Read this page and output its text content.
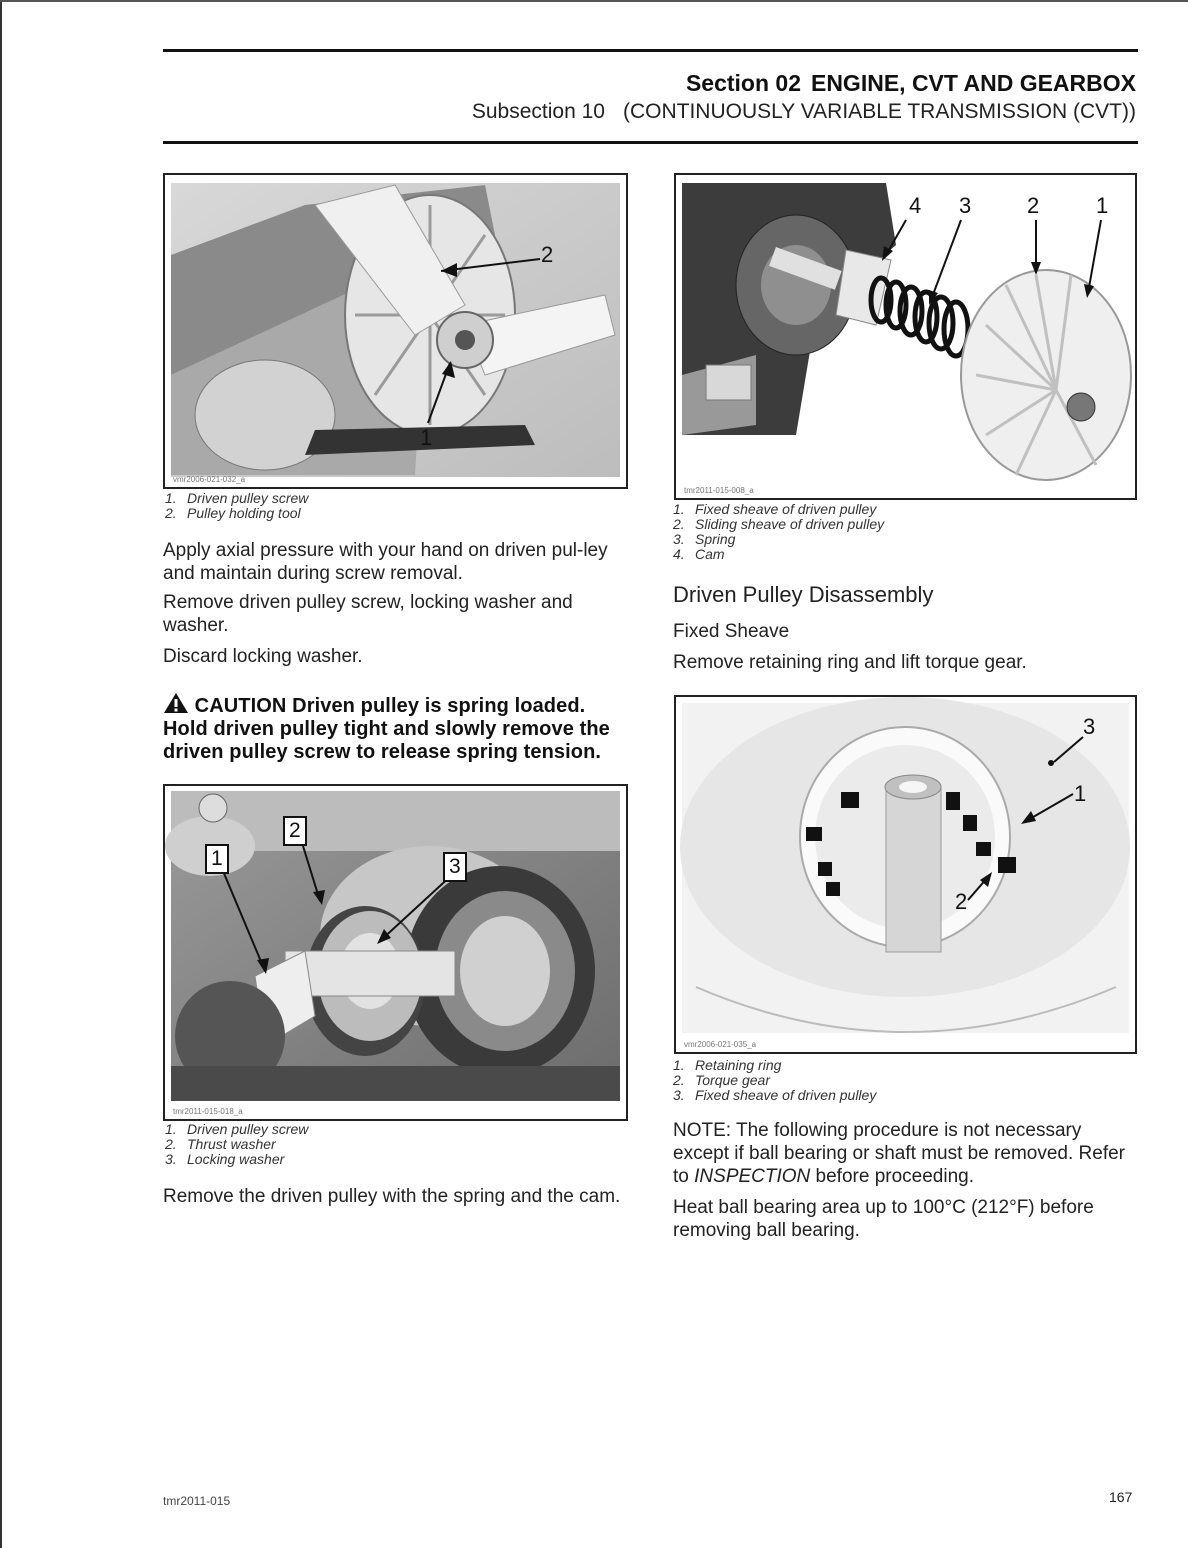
Section 02 ENGINE, CVT AND GEARBOX
Subsection 10 (CONTINUOUSLY VARIABLE TRANSMISSION (CVT))
2
1
vmr2006-021-032_a
1. Driven pulley screw
2. Pulley holding tool
Apply axial pressure with your hand on driven pul-ley and maintain during screw removal.
Remove driven pulley screw, locking washer and washer.
Discard locking washer.
CAUTION Driven pulley is spring loaded. Hold driven pulley tight and slowly remove the driven pulley screw to release spring tension.
1
2
3
tmr2011-015-018_a
1. Driven pulley screw
2. Thrust washer
3. Locking washer
Remove the driven pulley with the spring and the cam.
4 3	2	1
tmr2011-015-008_a
1. Fixed sheave of driven pulley
2. Sliding sheave of driven pulley
3. Spring
4. Cam
Driven Pulley Disassembly
Fixed Sheave
Remove retaining ring and lift torque gear.
3
1
2
vmr2006-021-035_a
1. Retaining ring
2. Torque gear
3. Fixed sheave of driven pulley
NOTE: The following procedure is not necessary except if ball bearing or shaft must be removed. Refer to INSPECTION before proceeding.
Heat ball bearing area up to 100°C (212°F) before removing ball bearing.
tmr2011-015	167
